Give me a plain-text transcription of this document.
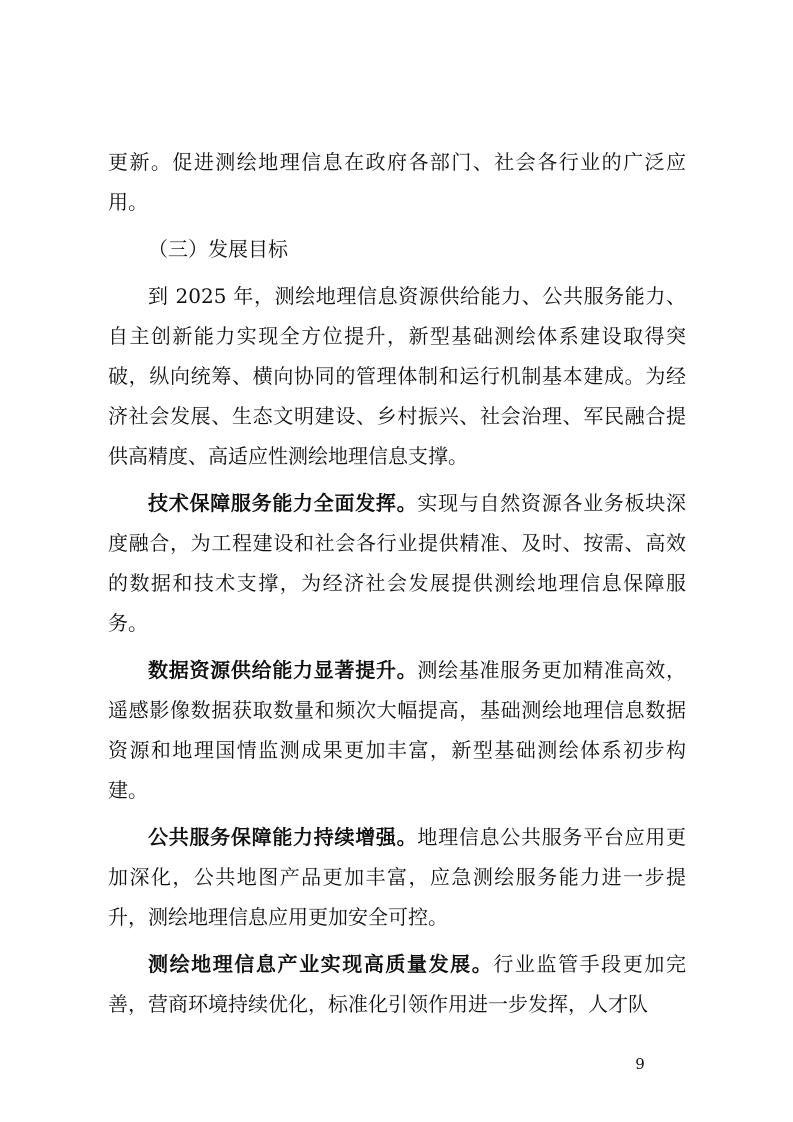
更新。促进测绘地理信息在政府各部门、社会各行业的广泛应用。

（三）发展目标

到 2025 年，测绘地理信息资源供给能力、公共服务能力、自主创新能力实现全方位提升，新型基础测绘体系建设取得突破，纵向统筹、横向协同的管理体制和运行机制基本建成。为经济社会发展、生态文明建设、乡村振兴、社会治理、军民融合提供高精度、高适应性测绘地理信息支撑。

技术保障服务能力全面发挥。实现与自然资源各业务板块深度融合，为工程建设和社会各行业提供精准、及时、按需、高效的数据和技术支撑，为经济社会发展提供测绘地理信息保障服务。

数据资源供给能力显著提升。测绘基准服务更加精准高效，遥感影像数据获取数量和频次大幅提高，基础测绘地理信息数据资源和地理国情监测成果更加丰富，新型基础测绘体系初步构建。

公共服务保障能力持续增强。地理信息公共服务平台应用更加深化，公共地图产品更加丰富，应急测绘服务能力进一步提升，测绘地理信息应用更加安全可控。

测绘地理信息产业实现高质量发展。行业监管手段更加完善，营商环境持续优化，标准化引领作用进一步发挥，人才队

9
